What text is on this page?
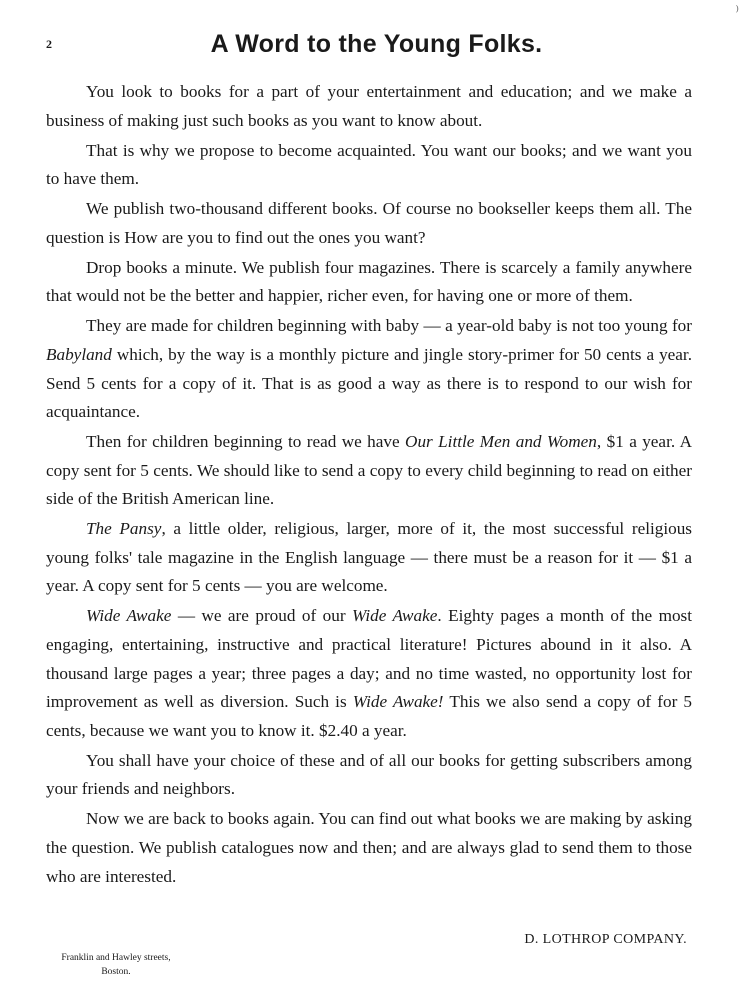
2	A Word to the Young Folks.
⁾

You look to books for a part of your entertainment and education; and we make a business of making just such books as you want to know about.

That is why we propose to become acquainted. You want our books; and we want you to have them.

We publish two-thousand different books. Of course no bookseller keeps them all. The question is How are you to find out the ones you want?

Drop books a minute. We publish four magazines. There is scarcely a family anywhere that would not be the better and happier, richer even, for having one or more of them.

They are made for children beginning with baby — a year-old baby is not too young for Babyland which, by the way is a monthly picture and jingle story-primer for 50 cents a year. Send 5 cents for a copy of it. That is as good a way as there is to respond to our wish for acquaintance.

Then for children beginning to read we have Our Little Men and Women, $1 a year. A copy sent for 5 cents. We should like to send a copy to every child beginning to read on either side of the British American line.

The Pansy, a little older, religious, larger, more of it, the most successful religious young folks' tale magazine in the English language — there must be a reason for it — $1 a year. A copy sent for 5 cents — you are welcome.

Wide Awake — we are proud of our Wide Awake. Eighty pages a month of the most engaging, entertaining, instructive and practical literature! Pictures abound in it also. A thousand large pages a year; three pages a day; and no time wasted, no opportunity lost for improvement as well as diversion. Such is Wide Awake! This we also send a copy of for 5 cents, because we want you to know it. $2.40 a year.

You shall have your choice of these and of all our books for getting subscribers among your friends and neighbors.

Now we are back to books again. You can find out what books we are making by asking the question. We publish catalogues now and then; and are always glad to send them to those who are interested.

D. LOTHROP COMPANY.
Franklin and Hawley streets,
Boston.
